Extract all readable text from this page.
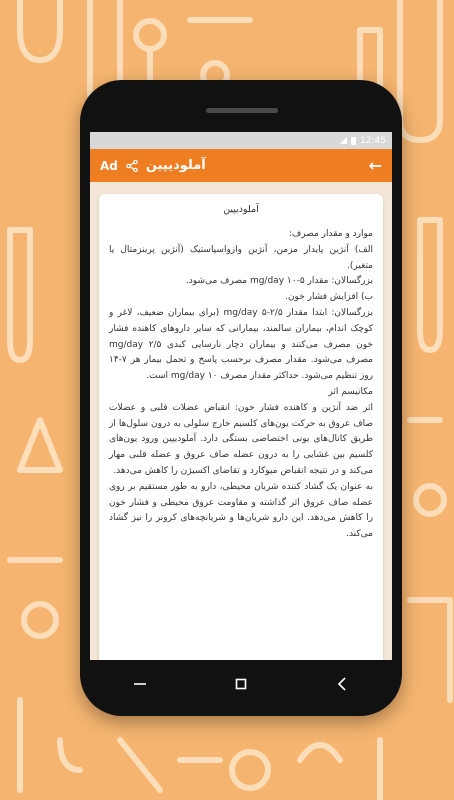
12:45
Ad آملودیپین	←
آملودیپین

موارد و مقدار مصرف:

الف) آنژین پایدار مزمن، آنژین وازواسپاستیک (آنژین پرینزمتال یا متغیر).

بزرگسالان: مقدار ۵-۱۰ mg/day مصرف می‌شود.

ب) افزایش فشار خون.

بزرگسالان: ابتدا مقدار ۲/۵-۵ mg/day (برای بیماران ضعیف، لاغر و کوچک اندام، بیماران سالمند، بیمارانی که سایر داروهای کاهنده فشار خون مصرف می‌کنند و بیماران دچار نارسایی کبدی ۲/۵ mg/day مصرف می‌شود. مقدار مصرف برحسب پاسخ و تحمل بیمار هر ۷-۱۴ روز تنظیم می‌شود. حداکثر مقدار مصرف ۱۰ mg/day است.

مکانیسم اثر

اثر ضد آنژین و کاهنده فشار خون: انقباض عضلات قلبی و عضلات صاف عروق به حرکت یون‌های کلسیم خارج سلولی به درون سلول‌ها از طریق کانال‌های یونی اختصاصی بستگی دارد. آملودیپین ورود یون‌های کلسیم بین غشایی را به درون عضله صاف عروق و عضله قلبی مهار می‌کند و در نتیجه انقباض میوکارد و تقاضای اکسیژن را کاهش می‌دهد.

به عنوان یک گشاد کننده شریان محیطی، دارو به طور مستقیم بر روی عضله صاف عروق اثر گذاشته و مقاومت عروق محیطی و فشار خون را کاهش می‌دهد. این دارو شریان‌ها و شریانچه‌های کرونر را نیز گشاد می‌کند.
